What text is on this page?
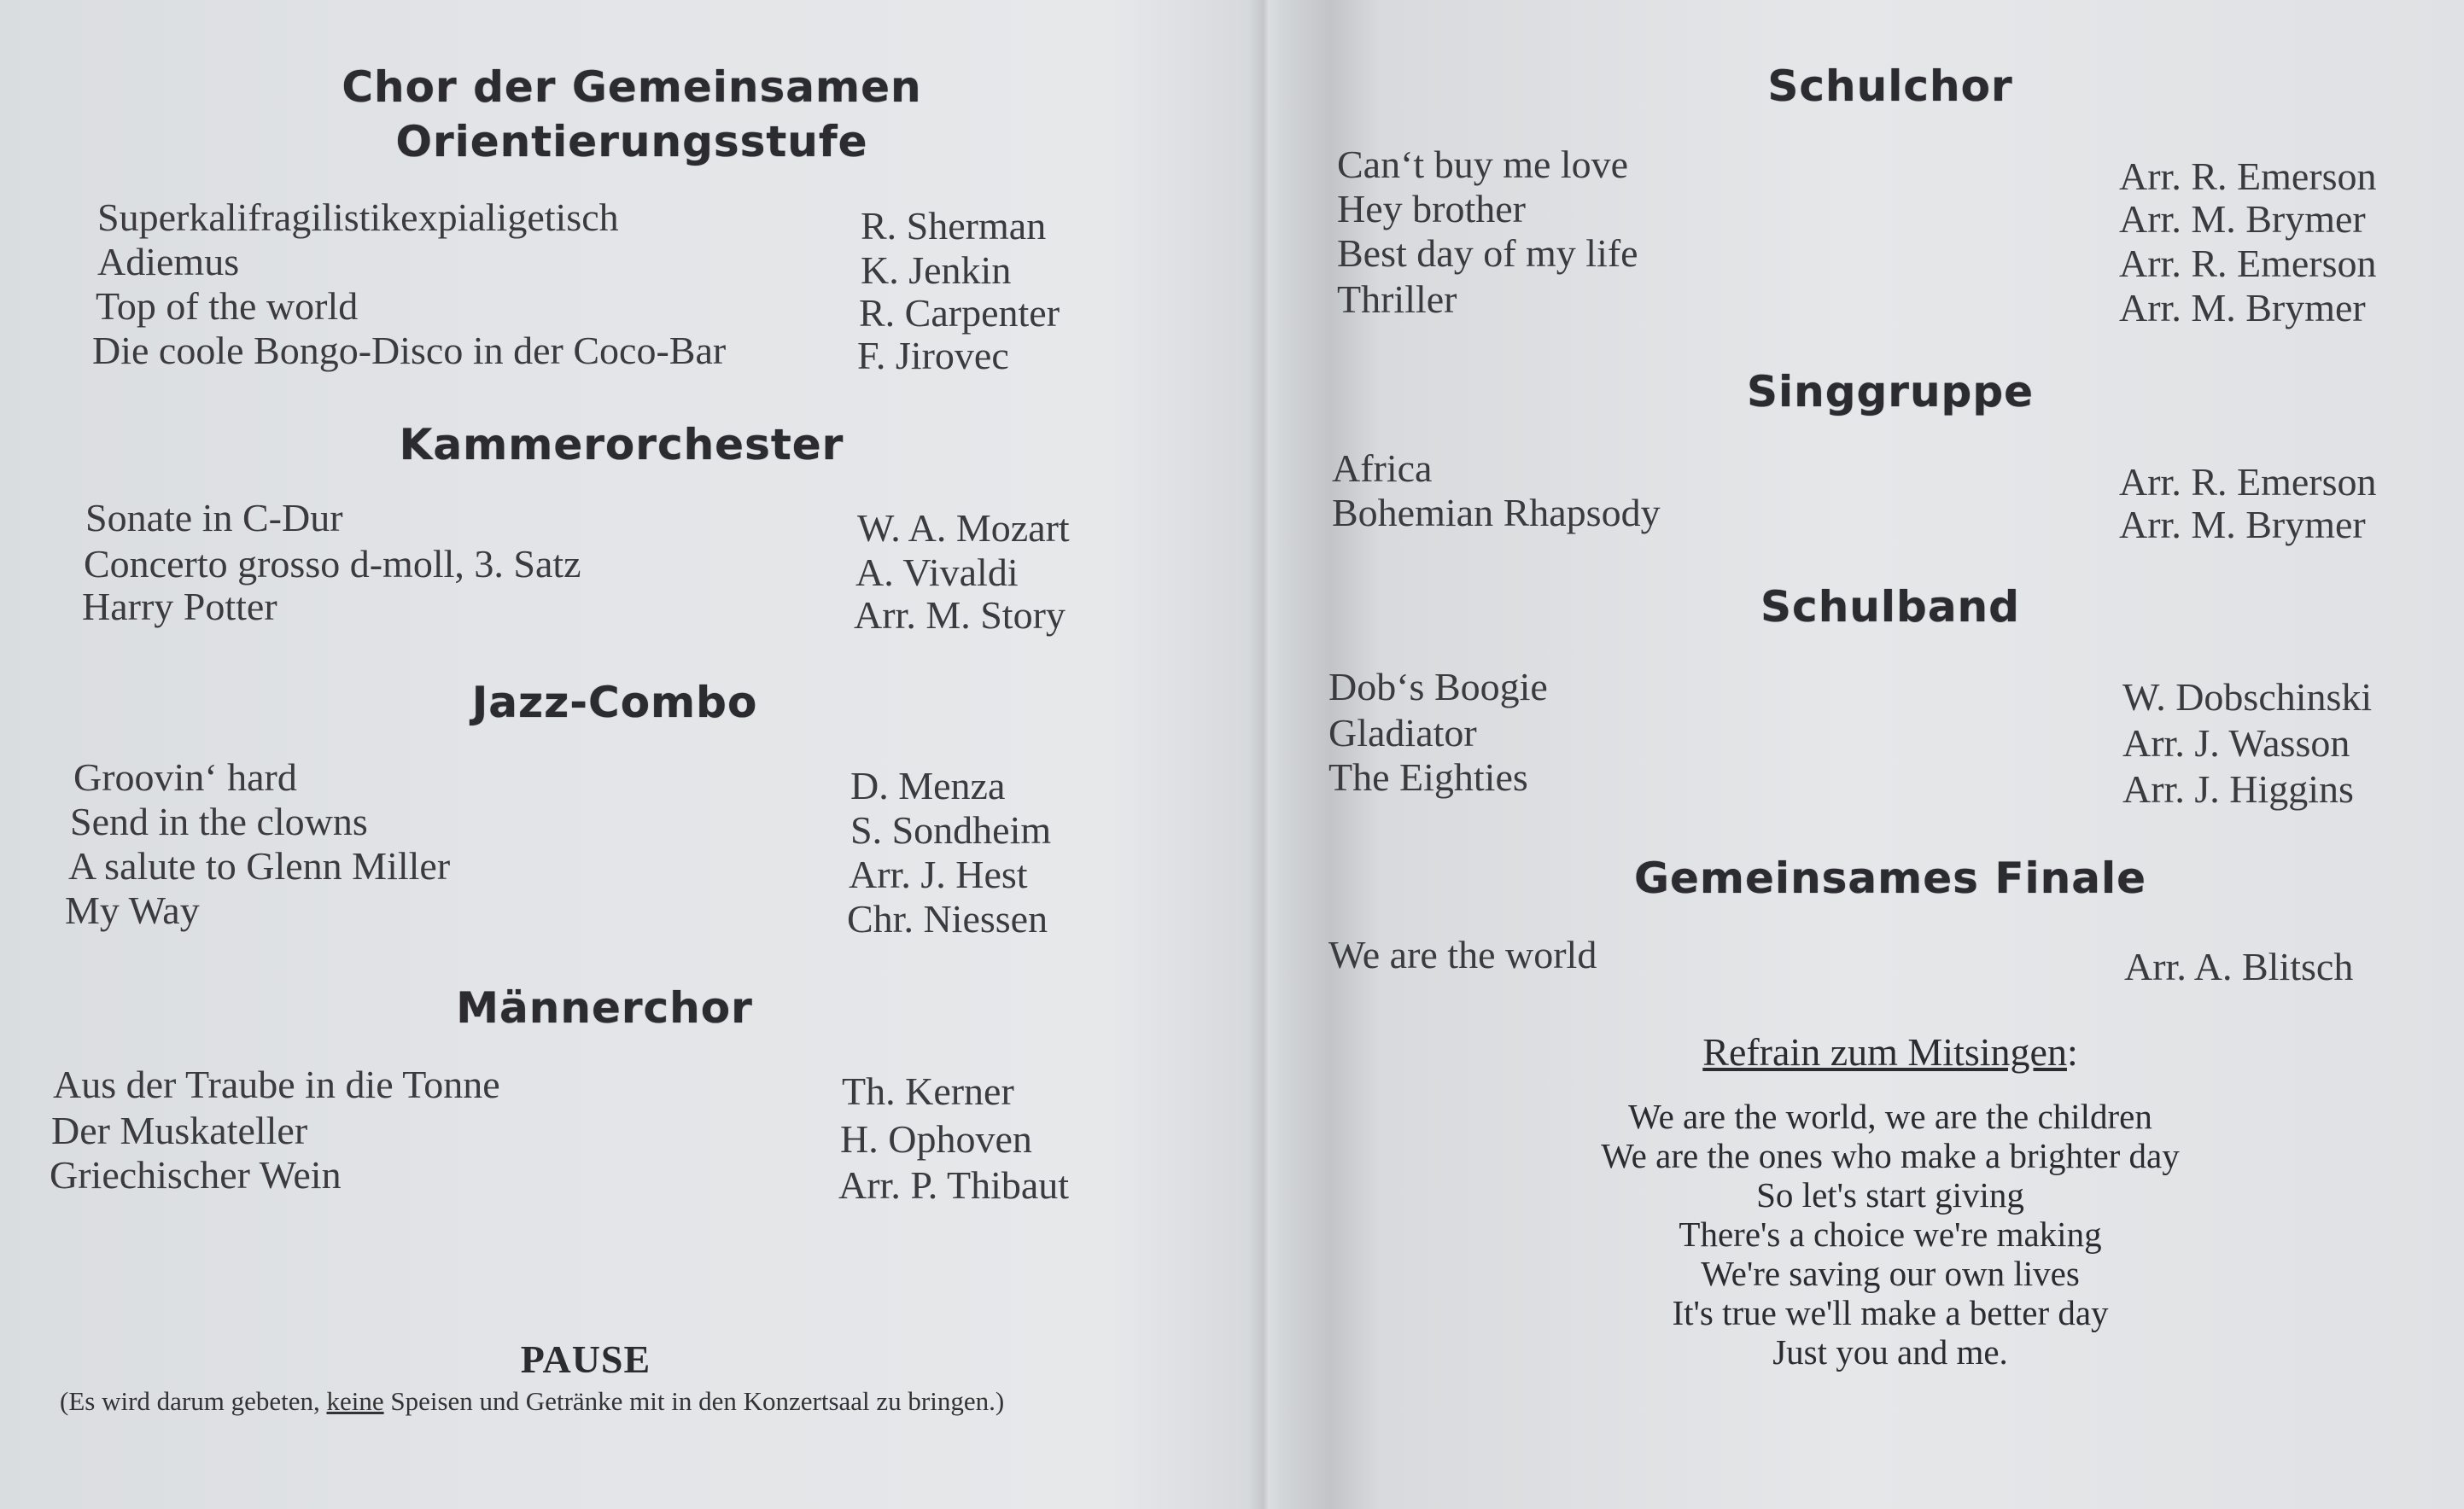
Chor der Gemeinsamen
Orientierungsstufe
Superkalifragilistikexpialigetisch	R. Sherman
Adiemus	K. Jenkin
Top of the world	R. Carpenter
Die coole Bongo-Disco in der Coco-Bar	F. Jirovec
Kammerorchester
Sonate in C-Dur	W. A. Mozart
Concerto grosso d-moll, 3. Satz	A. Vivaldi
Harry Potter	Arr. M. Story
Jazz-Combo
Groovin‘ hard	D. Menza
Send in the clowns	S. Sondheim
A salute to Glenn Miller	Arr. J. Hest
My Way	Chr. Niessen
Männerchor
Aus der Traube in die Tonne	Th. Kerner
Der Muskateller	H. Ophoven
Griechischer Wein	Arr. P. Thibaut
PAUSE
(Es wird darum gebeten, keine Speisen und Getränke mit in den Konzertsaal zu bringen.)
Schulchor
Can‘t buy me love	Arr. R. Emerson
Hey brother	Arr. M. Brymer
Best day of my life	Arr. R. Emerson
Thriller	Arr. M. Brymer
Singgruppe
Africa	Arr. R. Emerson
Bohemian Rhapsody	Arr. M. Brymer
Schulband
Dob‘s Boogie	W. Dobschinski
Gladiator	Arr. J. Wasson
The Eighties	Arr. J. Higgins
Gemeinsames Finale
We are the world	Arr. A. Blitsch
Refrain zum Mitsingen:
We are the world, we are the children
We are the ones who make a brighter day
So let's start giving
There's a choice we're making
We're saving our own lives
It's true we'll make a better day
Just you and me.
